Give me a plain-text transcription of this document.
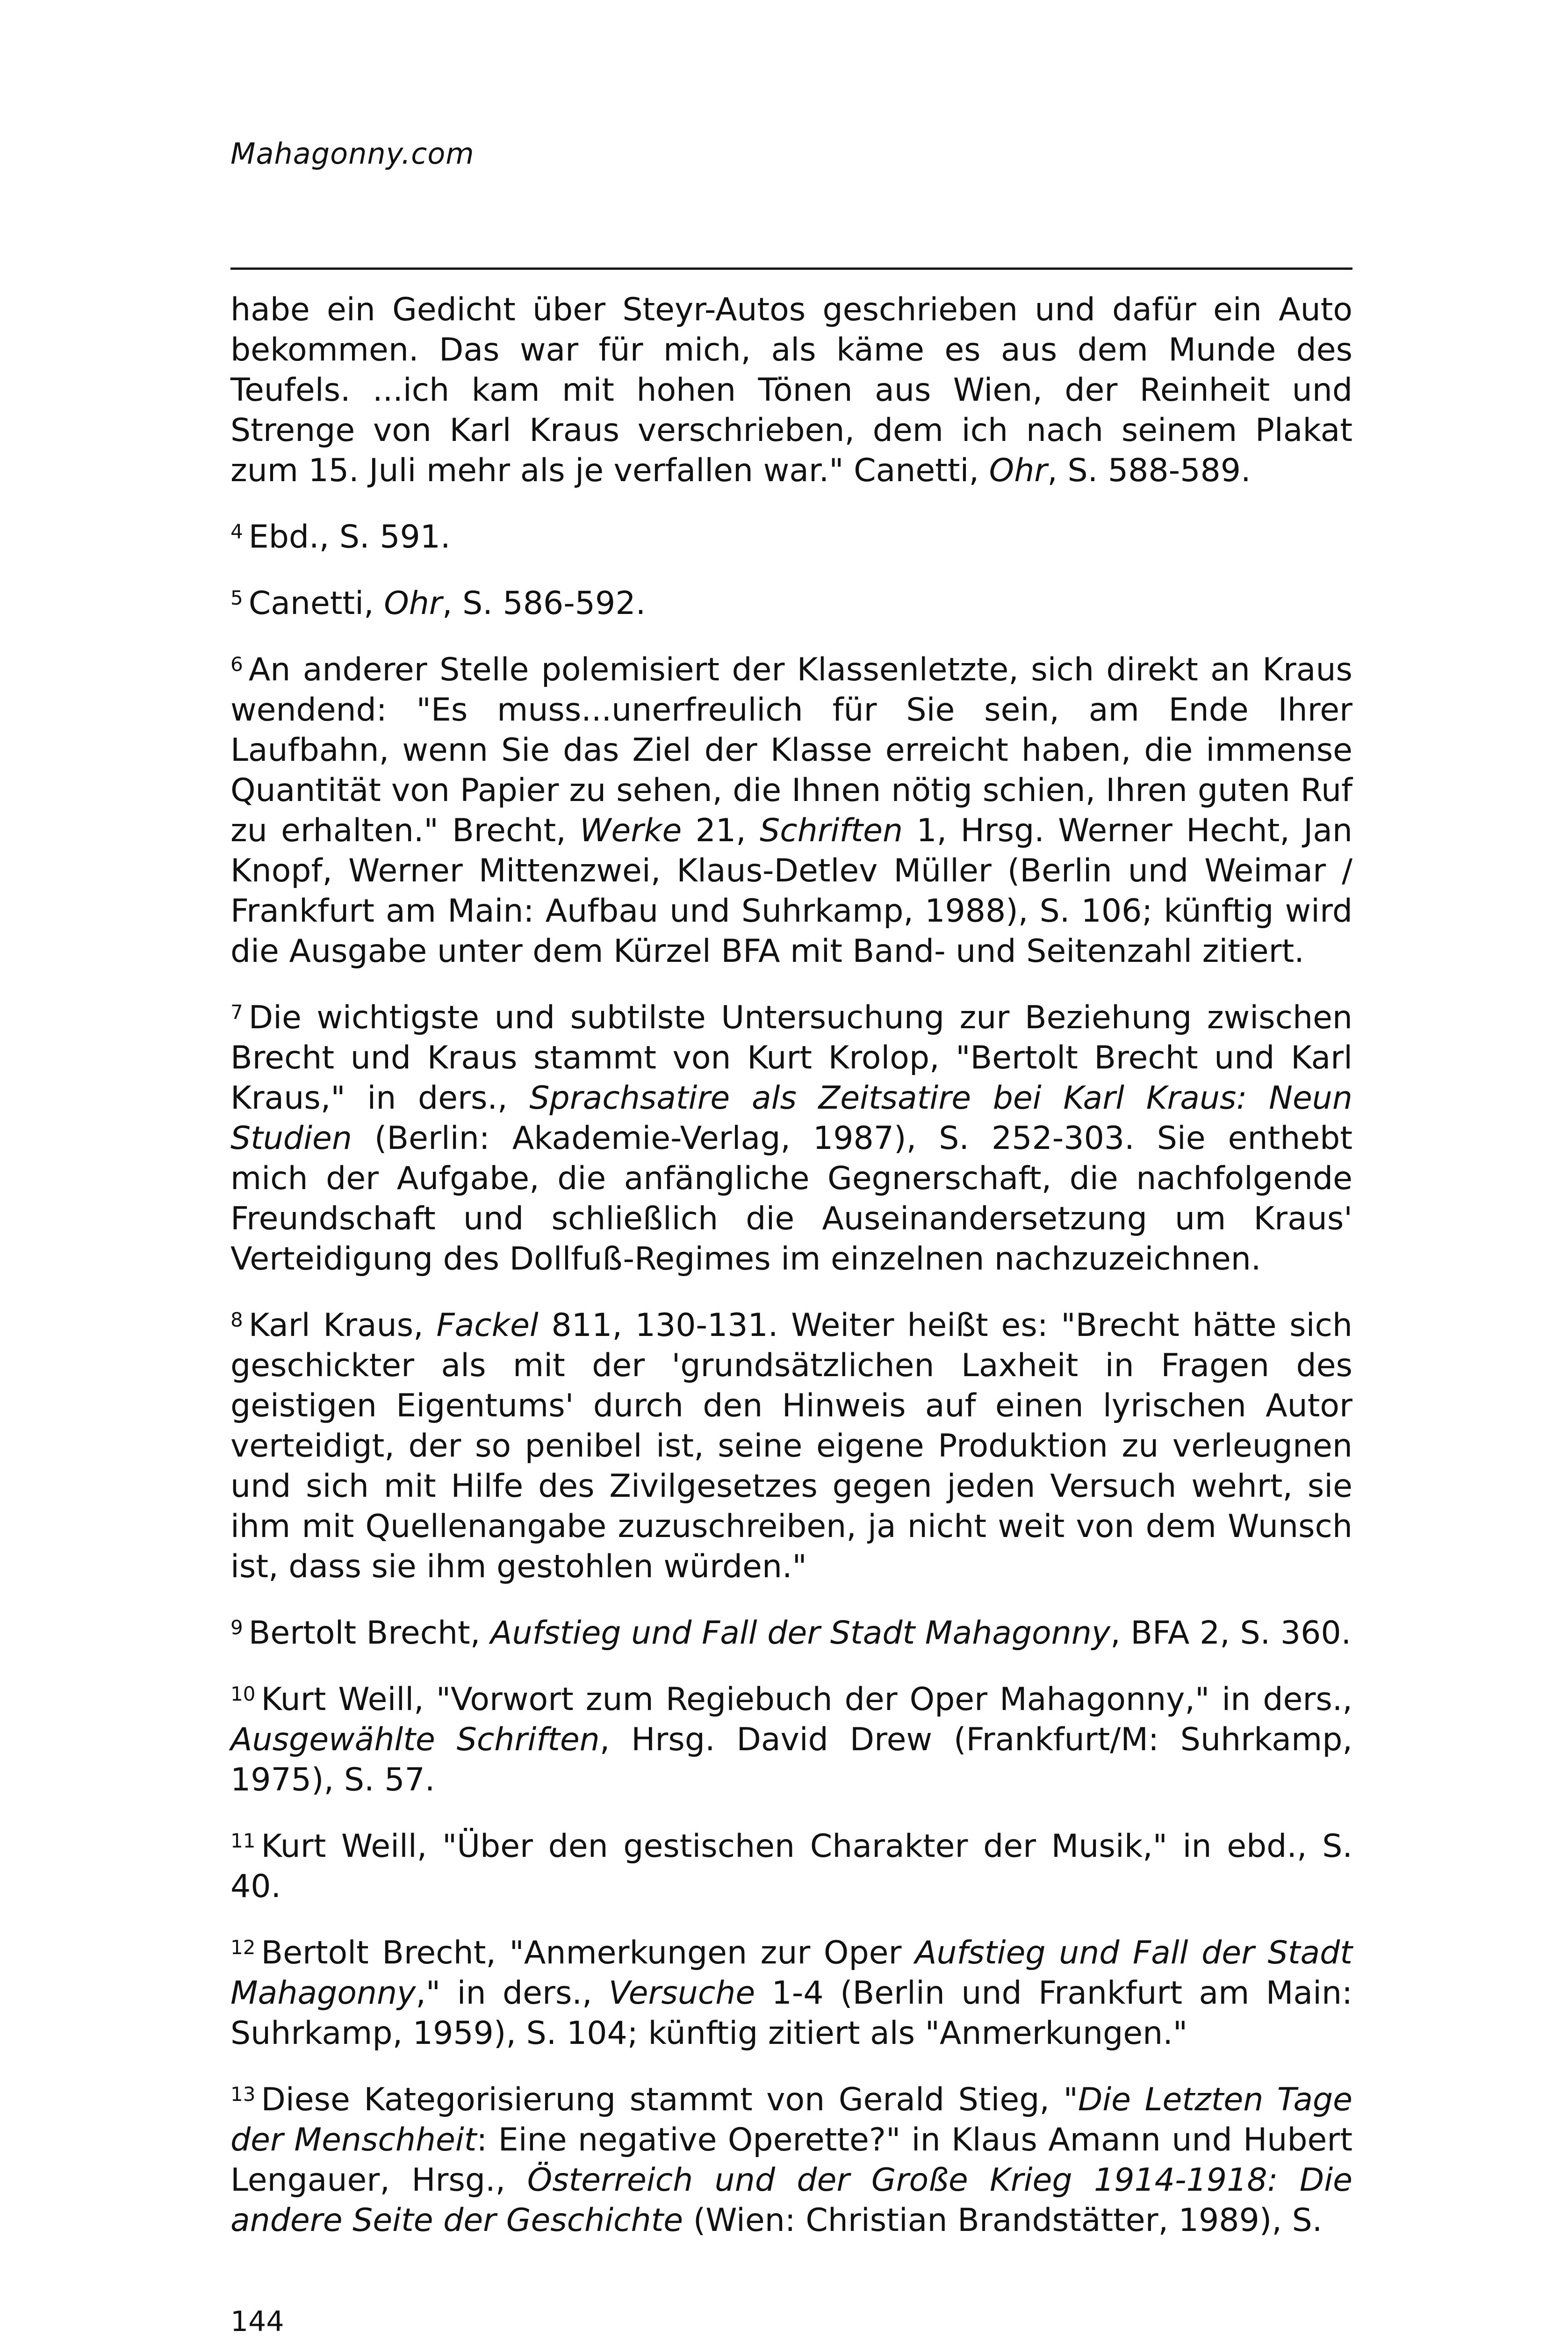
Mahagonny.com
habe ein Gedicht über Steyr-Autos geschrieben und dafür ein Auto bekommen. Das war für mich, als käme es aus dem Munde des Teufels. ...ich kam mit hohen Tönen aus Wien, der Reinheit und Strenge von Karl Kraus verschrieben, dem ich nach seinem Plakat zum 15. Juli mehr als je verfallen war." Canetti, Ohr, S. 588-589.
$^4$ Ebd., S. 591.
$^5$ Canetti, Ohr, S. 586-592.
$^6$ An anderer Stelle polemisiert der Klassenletzte, sich direkt an Kraus wendend: "Es muss...unerfreulich für Sie sein, am Ende Ihrer Laufbahn, wenn Sie das Ziel der Klasse erreicht haben, die immense Quantität von Papier zu sehen, die Ihnen nötig schien, Ihren guten Ruf zu erhalten." Brecht, Werke 21, Schriften 1, Hrsg. Werner Hecht, Jan Knopf, Werner Mittenzwei, Klaus-Detlev Müller (Berlin und Weimar / Frankfurt am Main: Aufbau und Suhrkamp, 1988), S. 106; künftig wird die Ausgabe unter dem Kürzel BFA mit Band- und Seitenzahl zitiert.
$^7$ Die wichtigste und subtilste Untersuchung zur Beziehung zwischen Brecht und Kraus stammt von Kurt Krolop, "Bertolt Brecht und Karl Kraus," in ders., Sprachsatire als Zeitsatire bei Karl Kraus: Neun Studien (Berlin: Akademie-Verlag, 1987), S. 252-303. Sie enthebt mich der Aufgabe, die anfängliche Gegnerschaft, die nachfolgende Freundschaft und schließlich die Auseinandersetzung um Kraus' Verteidigung des Dollfuß-Regimes im einzelnen nachzuzeichnen.
$^8$ Karl Kraus, Fackel 811, 130-131. Weiter heißt es: "Brecht hätte sich geschickter als mit der 'grundsätzlichen Laxheit in Fragen des geistigen Eigentums' durch den Hinweis auf einen lyrischen Autor verteidigt, der so penibel ist, seine eigene Produktion zu verleugnen und sich mit Hilfe des Zivilgesetzes gegen jeden Versuch wehrt, sie ihm mit Quellenangabe zuzuschreiben, ja nicht weit von dem Wunsch ist, dass sie ihm gestohlen würden."
$^9$ Bertolt Brecht, Aufstieg und Fall der Stadt Mahagonny, BFA 2, S. 360.
$^{10}$ Kurt Weill, "Vorwort zum Regiebuch der Oper Mahagonny," in ders., Ausgewählte Schriften, Hrsg. David Drew (Frankfurt/M: Suhrkamp, 1975), S. 57.
$^{11}$ Kurt Weill, "Über den gestischen Charakter der Musik," in ebd., S. 40.
$^{12}$ Bertolt Brecht, "Anmerkungen zur Oper Aufstieg und Fall der Stadt Mahagonny," in ders., Versuche 1-4 (Berlin und Frankfurt am Main: Suhrkamp, 1959), S. 104; künftig zitiert als "Anmerkungen."
$^{13}$ Diese Kategorisierung stammt von Gerald Stieg, "Die Letzten Tage der Menschheit: Eine negative Operette?" in Klaus Amann und Hubert Lengauer, Hrsg., Österreich und der Große Krieg 1914-1918: Die andere Seite der Geschichte (Wien: Christian Brandstätter, 1989), S.
144
